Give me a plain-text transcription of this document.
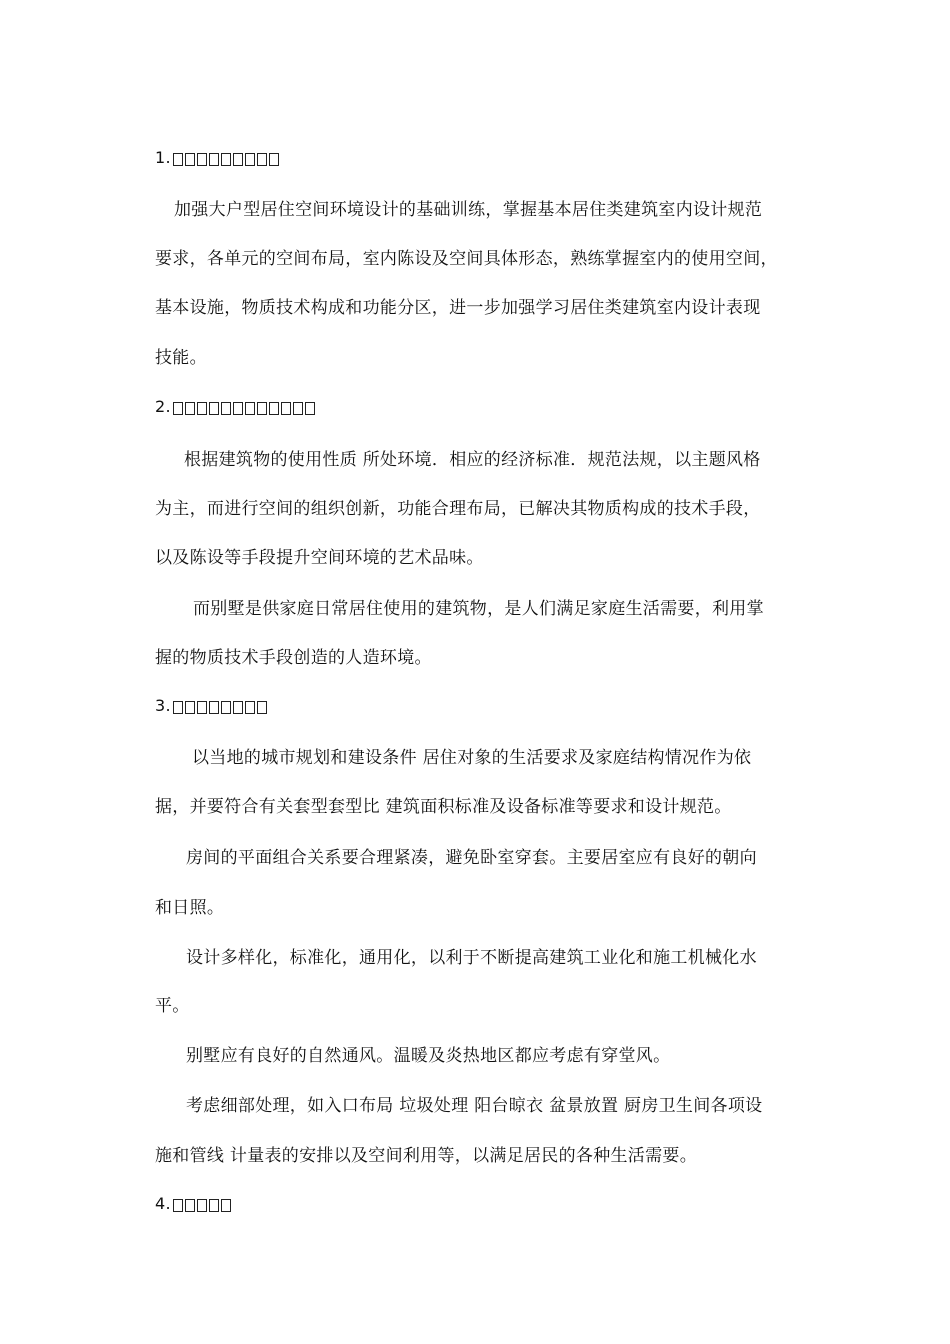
1.
加强大户型居住空间环境设计的基础训练，掌握基本居住类建筑室内设计规范
要求，各单元的空间布局，室内陈设及空间具体形态，熟练掌握室内的使用空间，
基本设施，物质技术构成和功能分区，进一步加强学习居住类建筑室内设计表现
技能。
2.
根据建筑物的使用性质 所处环境．相应的经济标准．规范法规，以主题风格
为主，而进行空间的组织创新，功能合理布局，已解决其物质构成的技术手段，
以及陈设等手段提升空间环境的艺术品味。
而别墅是供家庭日常居住使用的建筑物，是人们满足家庭生活需要，利用掌
握的物质技术手段创造的人造环境。
3.
以当地的城市规划和建设条件 居住对象的生活要求及家庭结构情况作为依
据，并要符合有关套型套型比 建筑面积标准及设备标准等要求和设计规范。
房间的平面组合关系要合理紧凑，避免卧室穿套。主要居室应有良好的朝向
和日照。
设计多样化，标准化，通用化，以利于不断提高建筑工业化和施工机械化水
平。
别墅应有良好的自然通风。温暖及炎热地区都应考虑有穿堂风。
考虑细部处理，如入口布局 垃圾处理 阳台晾衣 盆景放置 厨房卫生间各项设
施和管线 计量表的安排以及空间利用等，以满足居民的各种生活需要。
4.
